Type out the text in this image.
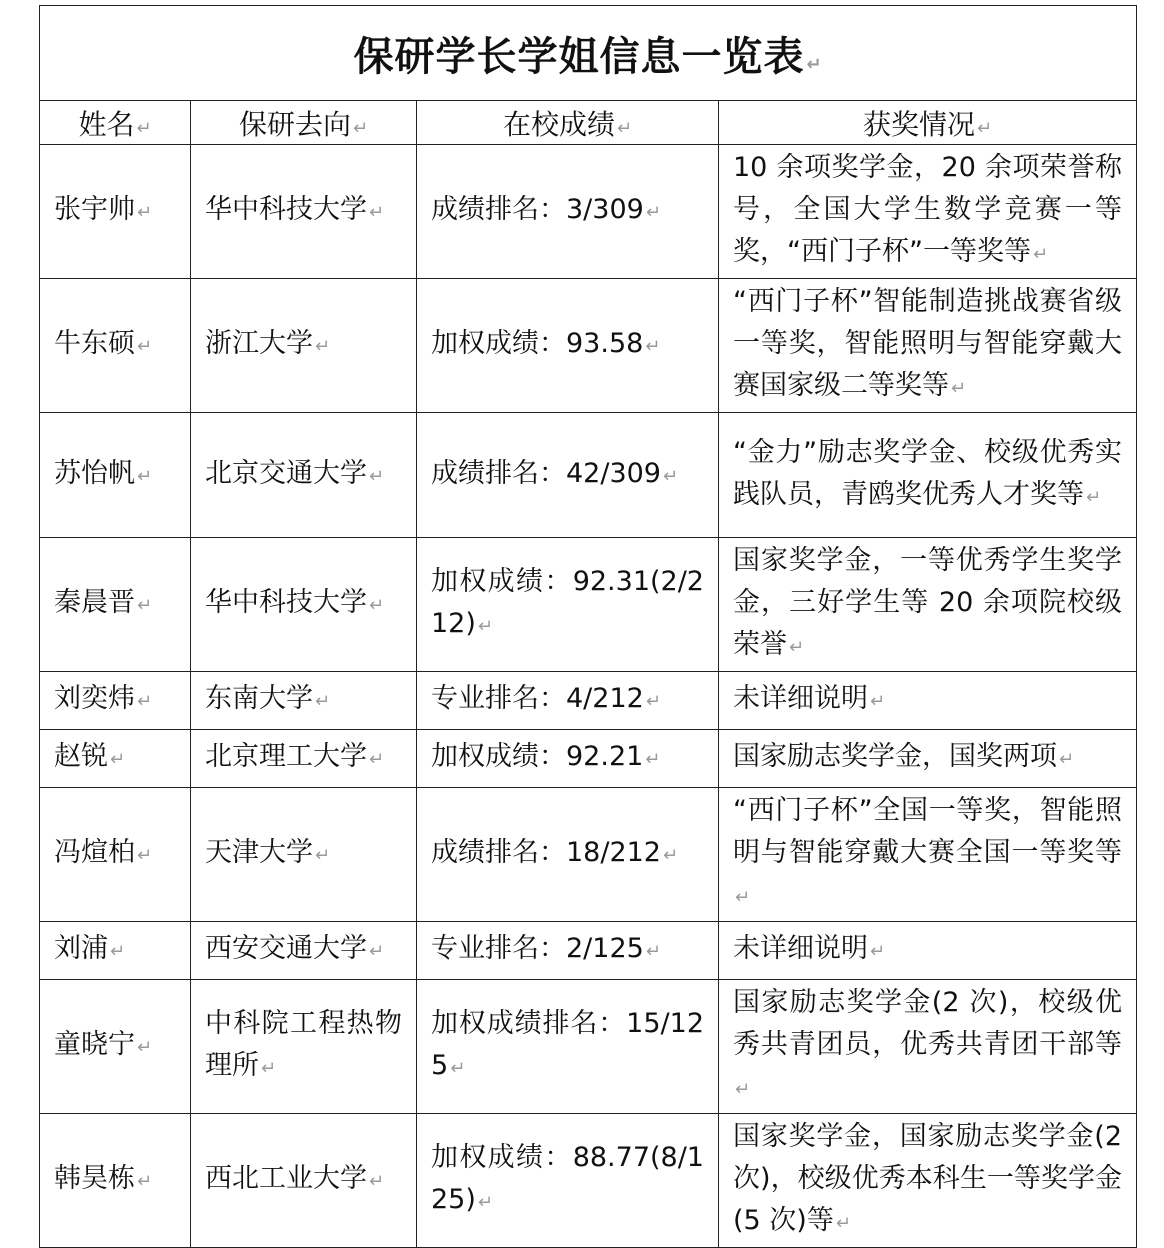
保研学长学姐信息一览表 ↵			
姓名 ↵	保研去向 ↵	在校成绩 ↵	获奖情况 ↵
张宇帅 ↵	华中科技大学 ↵	成绩排名：3/309 ↵	10 余项奖学金，20 余项荣誉称号，全国大学生数学竞赛一等奖，“西门子杯”一等奖等 ↵
牛东硕 ↵	浙江大学 ↵	加权成绩：93.58 ↵	“西门子杯”智能制造挑战赛省级一等奖，智能照明与智能穿戴大赛国家级二等奖等 ↵
苏怡帆 ↵	北京交通大学 ↵	成绩排名：42/309 ↵	“金力”励志奖学金、校级优秀实践队员，青鸥奖优秀人才奖等 ↵
秦晨晋 ↵	华中科技大学 ↵	加权成绩：92.31(2/212) ↵	国家奖学金，一等优秀学生奖学金，三好学生等 20 余项院校级荣誉 ↵
刘奕炜 ↵	东南大学 ↵	专业排名：4/212 ↵	未详细说明 ↵
赵锐 ↵	北京理工大学 ↵	加权成绩：92.21 ↵	国家励志奖学金，国奖两项 ↵
冯煊柏 ↵	天津大学 ↵	成绩排名：18/212 ↵	“西门子杯”全国一等奖，智能照明与智能穿戴大赛全国一等奖等↵
刘浦 ↵	西安交通大学 ↵	专业排名：2/125 ↵	未详细说明 ↵
童晓宁 ↵	中科院工程热物理所 ↵	加权成绩排名：15/125 ↵	国家励志奖学金(2 次)，校级优秀共青团员，优秀共青团干部等↵
韩昊栋 ↵	西北工业大学 ↵	加权成绩：88.77(8/125) ↵	国家奖学金，国家励志奖学金(2 次)，校级优秀本科生一等奖学金(5 次)等 ↵
